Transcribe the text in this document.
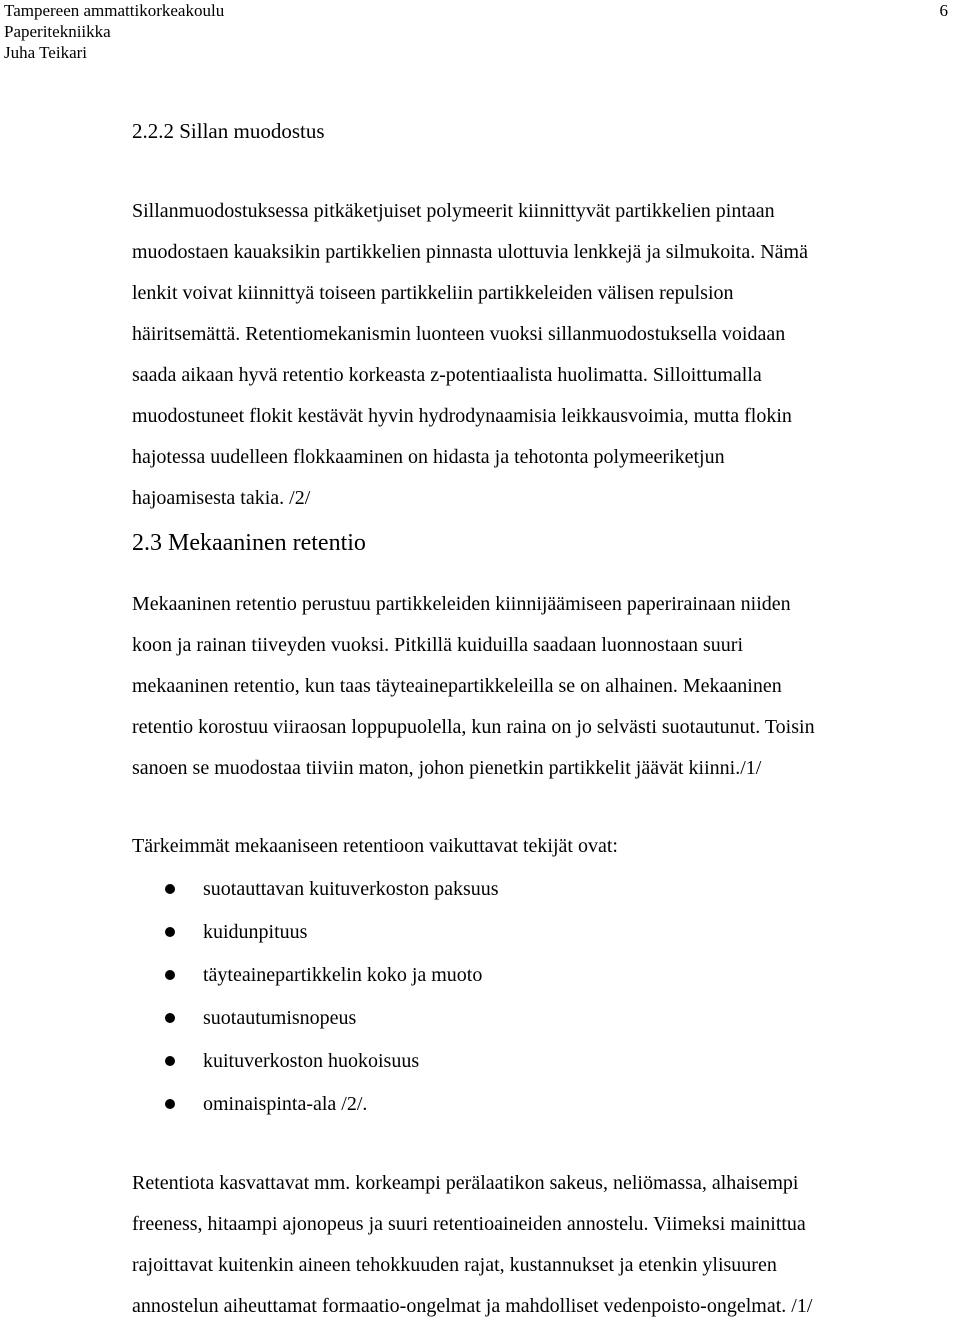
Tampereen ammattikorkeakoulu
Paperitekniikka
Juha Teikari
6
2.2.2 Sillan muodostus
Sillanmuodostuksessa pitkäketjuiset polymeerit kiinnittyvät partikkelien pintaan
muodostaen kauaksikin partikkelien pinnasta ulottuvia lenkkejä ja silmukoita. Nämä
lenkit voivat kiinnittyä toiseen partikkeliin partikkeleiden välisen repulsion
häiritsemättä. Retentiomekanismin luonteen vuoksi sillanmuodostuksella voidaan
saada aikaan hyvä retentio korkeasta z-potentiaalista huolimatta. Silloittumalla
muodostuneet flokit kestävät hyvin hydrodynaamisia leikkausvoimia, mutta flokin
hajotessa uudelleen flokkaaminen on hidasta ja tehotonta polymeeriketjun
hajoamisesta takia. /2/
2.3 Mekaaninen retentio
Mekaaninen retentio perustuu partikkeleiden kiinnijäämiseen paperirainaan niiden
koon ja rainan tiiveyden vuoksi. Pitkillä kuiduilla saadaan luonnostaan suuri
mekaaninen retentio, kun taas täyteainepartikkeleilla se on alhainen. Mekaaninen
retentio korostuu viiraosan loppupuolella, kun raina on jo selvästi suotautunut. Toisin
sanoen se muodostaa tiiviin maton, johon pienetkin partikkelit jäävät kiinni./1/
Tärkeimmät mekaaniseen retentioon vaikuttavat tekijät ovat:
suotauttavan kuituverkoston paksuus
kuidunpituus
täyteainepartikkelin koko ja muoto
suotautumisnopeus
kuituverkoston huokoisuus
ominaispinta-ala /2/.
Retentiota kasvattavat mm. korkeampi perälaatikon sakeus, neliömassa, alhaisempi
freeness, hitaampi ajonopeus ja suuri retentioaineiden annostelu. Viimeksi mainittua
rajoittavat kuitenkin aineen tehokkuuden rajat, kustannukset ja etenkin ylisuuren
annostelun aiheuttamat formaatio-ongelmat ja mahdolliset vedenpoisto-ongelmat. /1/
